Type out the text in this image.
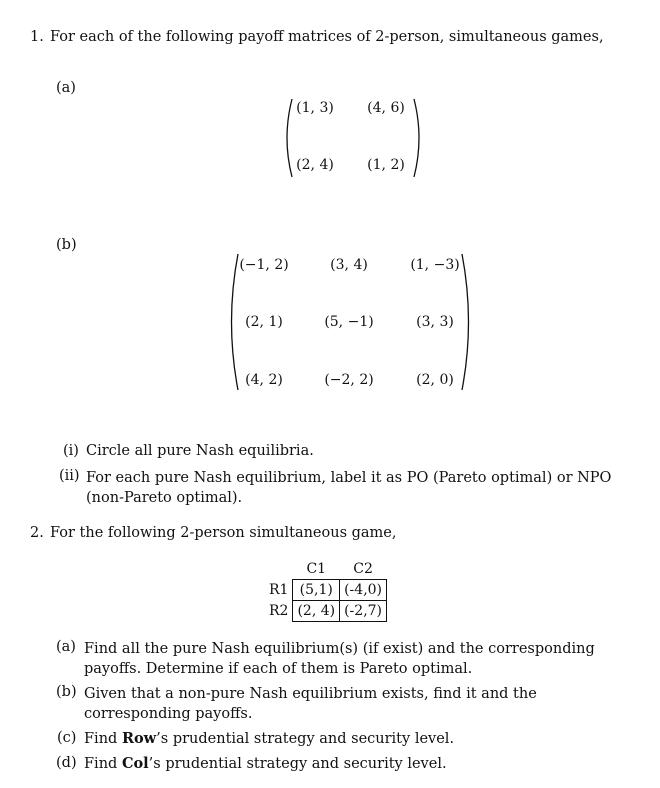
1. For each of the following payoff matrices of 2-person, simultaneous games,
(a)
(1, 3)	(4, 6)
(2, 4)	(1, 2)
(b)
(−1, 2)	(3, 4)	(1, −3)
(2, 1)	(5, −1)	(3, 3)
(4, 2)	(−2, 2)	(2, 0)
(i) Circle all pure Nash equilibria.
(ii) For each pure Nash equilibrium, label it as PO (Pareto optimal) or NPO (non-Pareto optimal).
2. For the following 2-person simultaneous game,
	C1	C2
R1	(5,1)	(-4,0)
R2	(2, 4)	(-2,7)
(a) Find all the pure Nash equilibrium(s) (if exist) and the corresponding payoffs. Determine if each of them is Pareto optimal.
(b) Given that a non-pure Nash equilibrium exists, find it and the corresponding payoffs.
(c) Find Row’s prudential strategy and security level.
(d) Find Col’s prudential strategy and security level.
